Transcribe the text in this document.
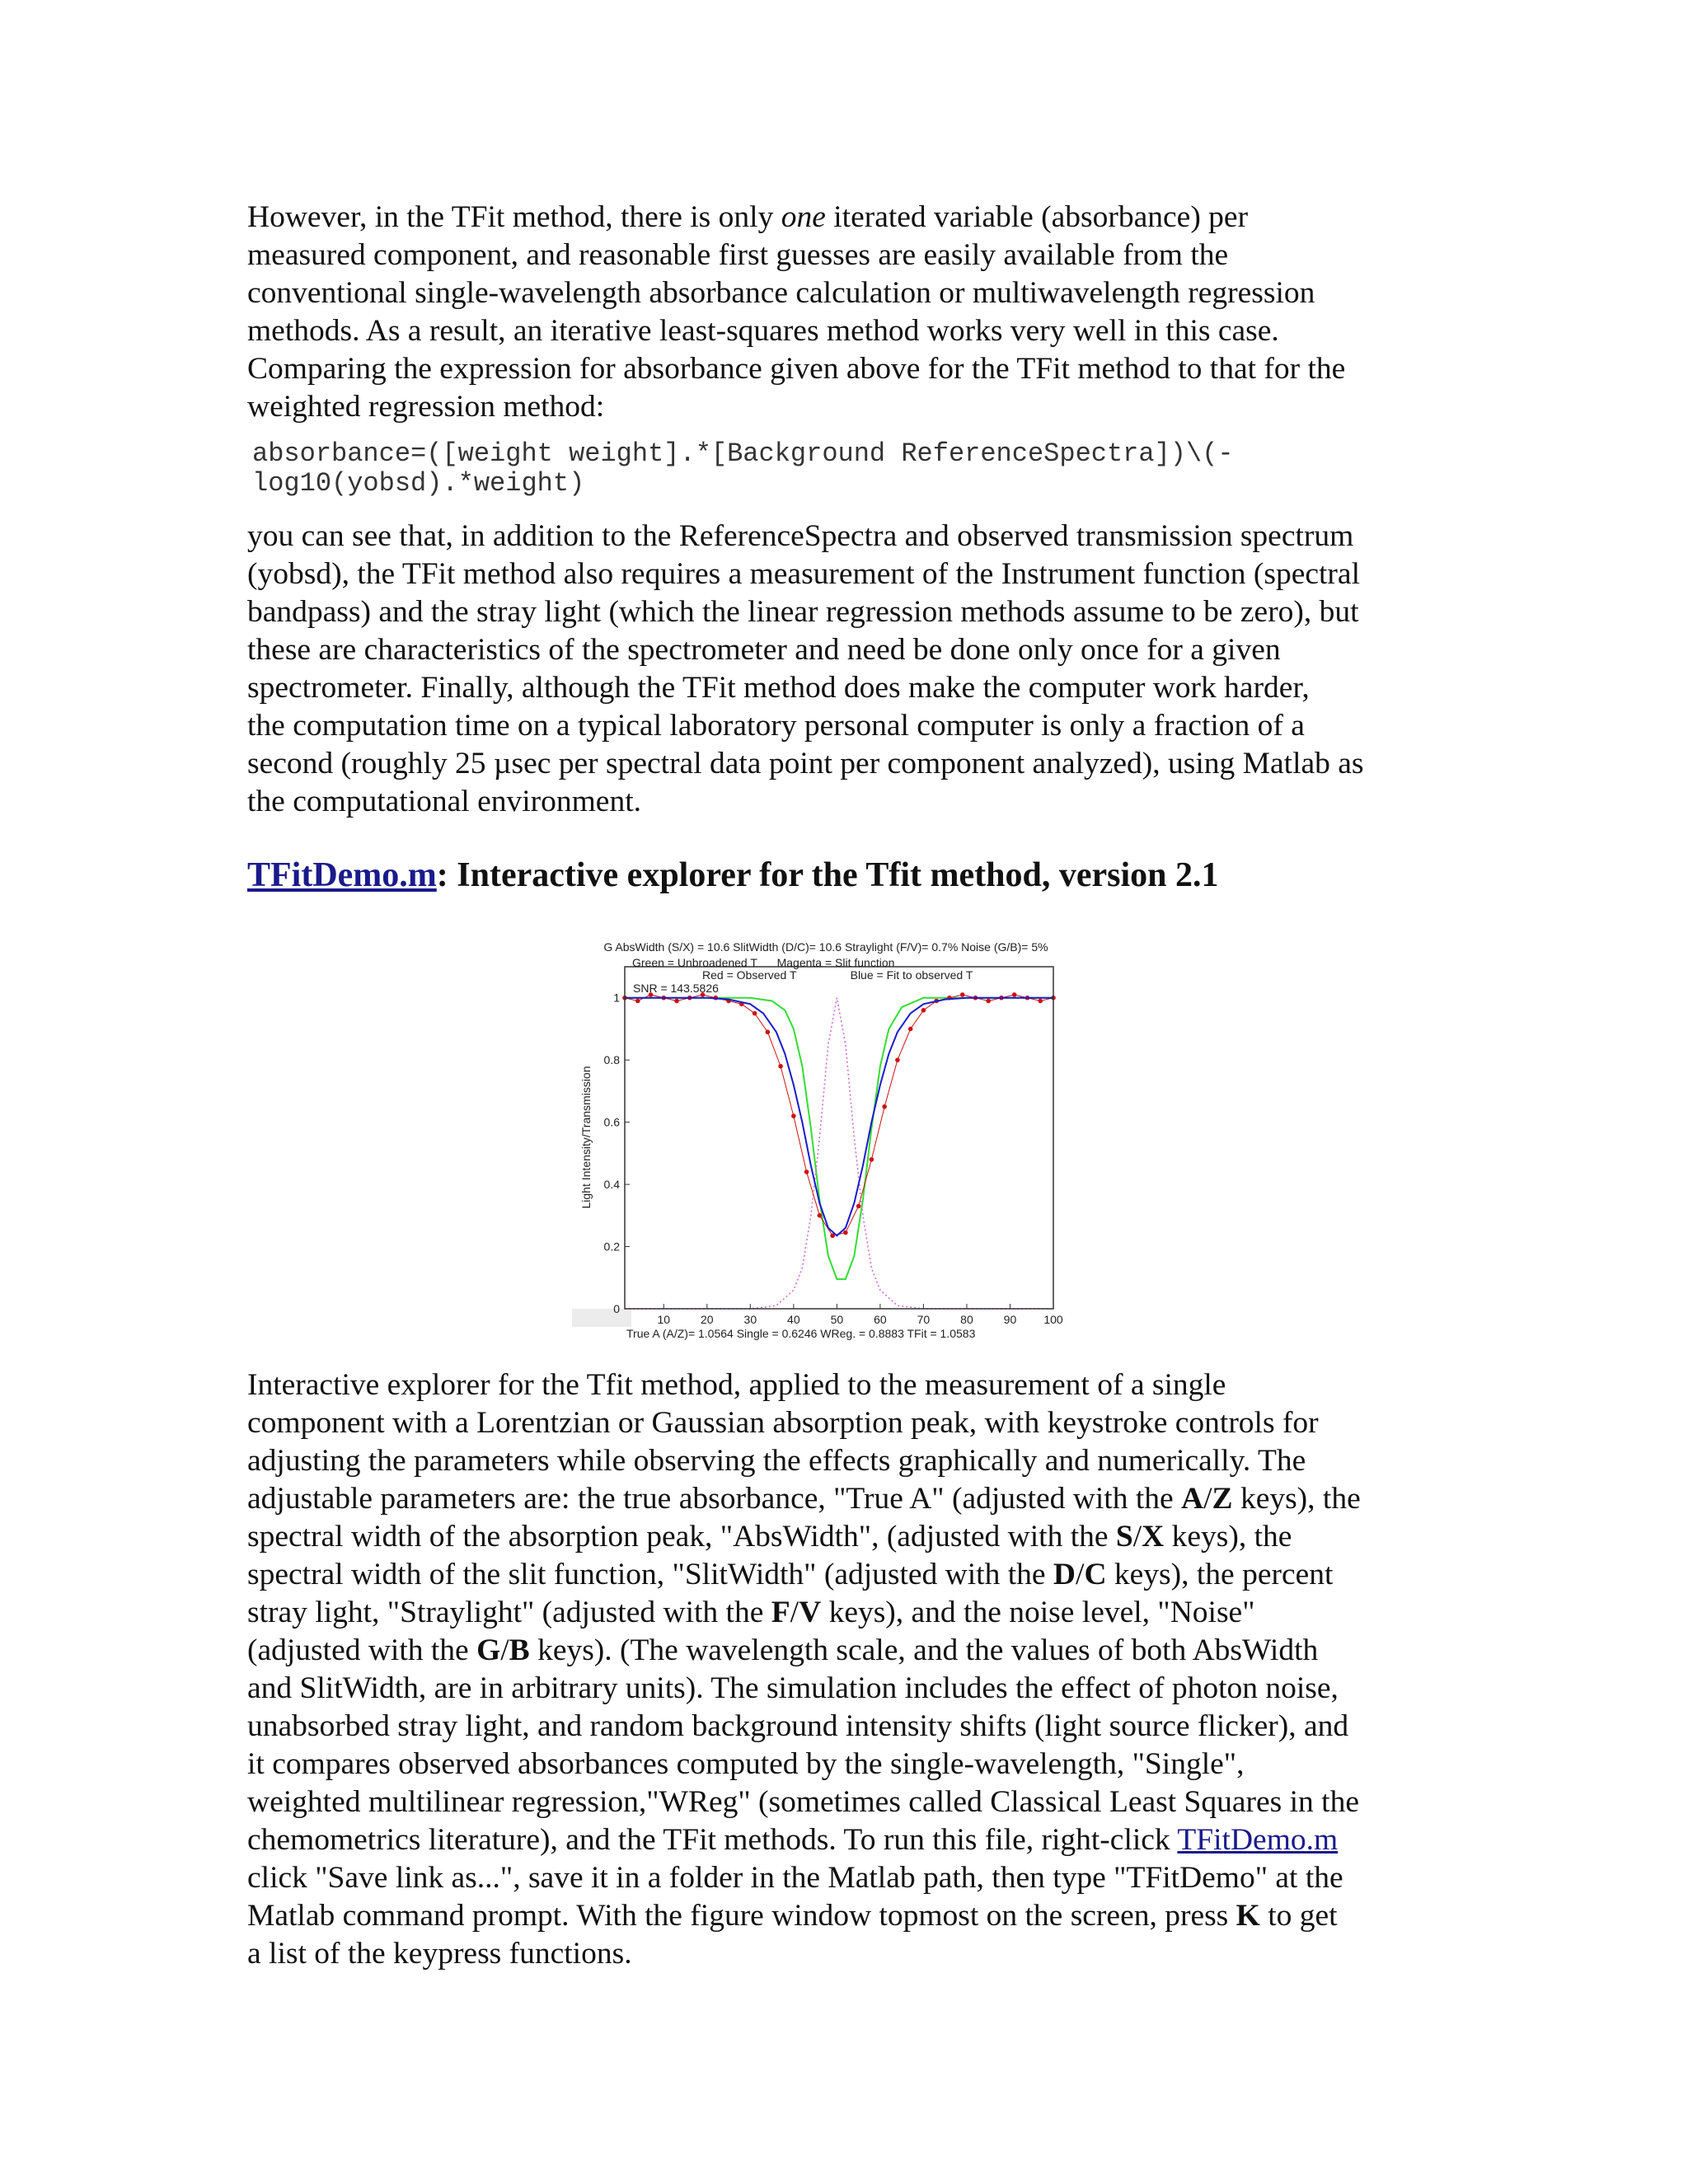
However, in the TFit method, there is only one iterated variable (absorbance) per
measured component, and reasonable first guesses are easily available from the
conventional single-wavelength absorbance calculation or multiwavelength regression
methods. As a result, an iterative least-squares method works very well in this case.
Comparing the expression for absorbance given above for the TFit method to that for the
weighted regression method:

absorbance=([weight weight].*[Background ReferenceSpectra])\(-
log10(yobsd).*weight)

you can see that, in addition to the ReferenceSpectra and observed transmission spectrum
(yobsd), the TFit method also requires a measurement of the Instrument function (spectral
bandpass) and the stray light (which the linear regression methods assume to be zero), but
these are characteristics of the spectrometer and need be done only once for a given
spectrometer. Finally, although the TFit method does make the computer work harder,
the computation time on a typical laboratory personal computer is only a fraction of a
second (roughly 25 µsec per spectral data point per component analyzed), using Matlab as
the computational environment.

TFitDemo.m: Interactive explorer for the Tfit method, version 2.1
G AbsWidth (S/X) = 10.6 SlitWidth (D/C)= 10.6 Straylight (F/V)= 0.7% Noise (G/B)= 5%
10	20	30	40	50	60	70	80	90 100
0
0.2
0.4
0.6
0.8
1
Green = Unbroadened T Magenta = Slit function
Red = Observed T	Blue = Fit to observed T
SNR = 143.5826
Light Intensity/Transmission
True A (A/Z)= 1.0564 Single = 0.6246 WReg. = 0.8883 TFit = 1.0583

Interactive explorer for the Tfit method, applied to the measurement of a single
component with a Lorentzian or Gaussian absorption peak, with keystroke controls for
adjusting the parameters while observing the effects graphically and numerically. The
adjustable parameters are: the true absorbance, "True A" (adjusted with the A/Z keys), the
spectral width of the absorption peak, "AbsWidth", (adjusted with the S/X keys), the
spectral width of the slit function, "SlitWidth" (adjusted with the D/C keys), the percent
stray light, "Straylight" (adjusted with the F/V keys), and the noise level, "Noise"
(adjusted with the G/B keys). (The wavelength scale, and the values of both AbsWidth
and SlitWidth, are in arbitrary units). The simulation includes the effect of photon noise,
unabsorbed stray light, and random background intensity shifts (light source flicker), and
it compares observed absorbances computed by the single-wavelength, "Single",
weighted multilinear regression,"WReg" (sometimes called Classical Least Squares in the
chemometrics literature), and the TFit methods. To run this file, right-click TFitDemo.m
click "Save link as...", save it in a folder in the Matlab path, then type "TFitDemo" at the
Matlab command prompt. With the figure window topmost on the screen, press K to get
a list of the keypress functions.
